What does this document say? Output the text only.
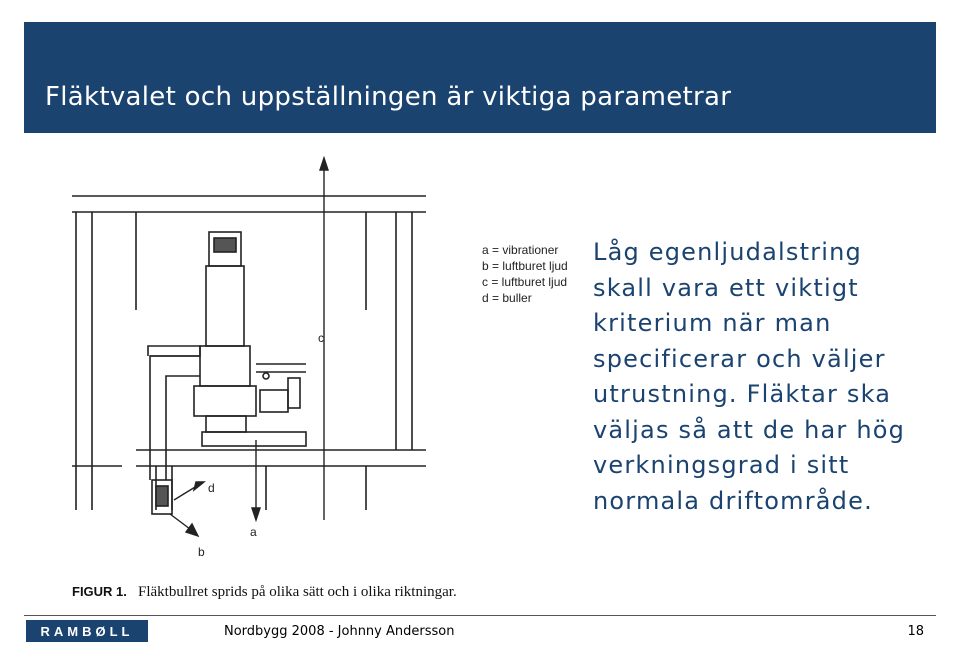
Fläktvalet och uppställningen är viktiga parametrar
a = vibrationer
b = luftburet ljud
c = luftburet ljud
d = buller
c
d
a
b
FIGUR 1. Fläktbullret sprids på olika sätt och i olika riktningar.
Låg egenljudalstring
skall vara ett viktigt
kriterium när man
specificerar och väljer
utrustning. Fläktar ska
väljas så att de har hög
verkningsgrad i sitt
normala driftområde.
RAMBØLL	Nordbygg 2008 - Johnny Andersson	18
